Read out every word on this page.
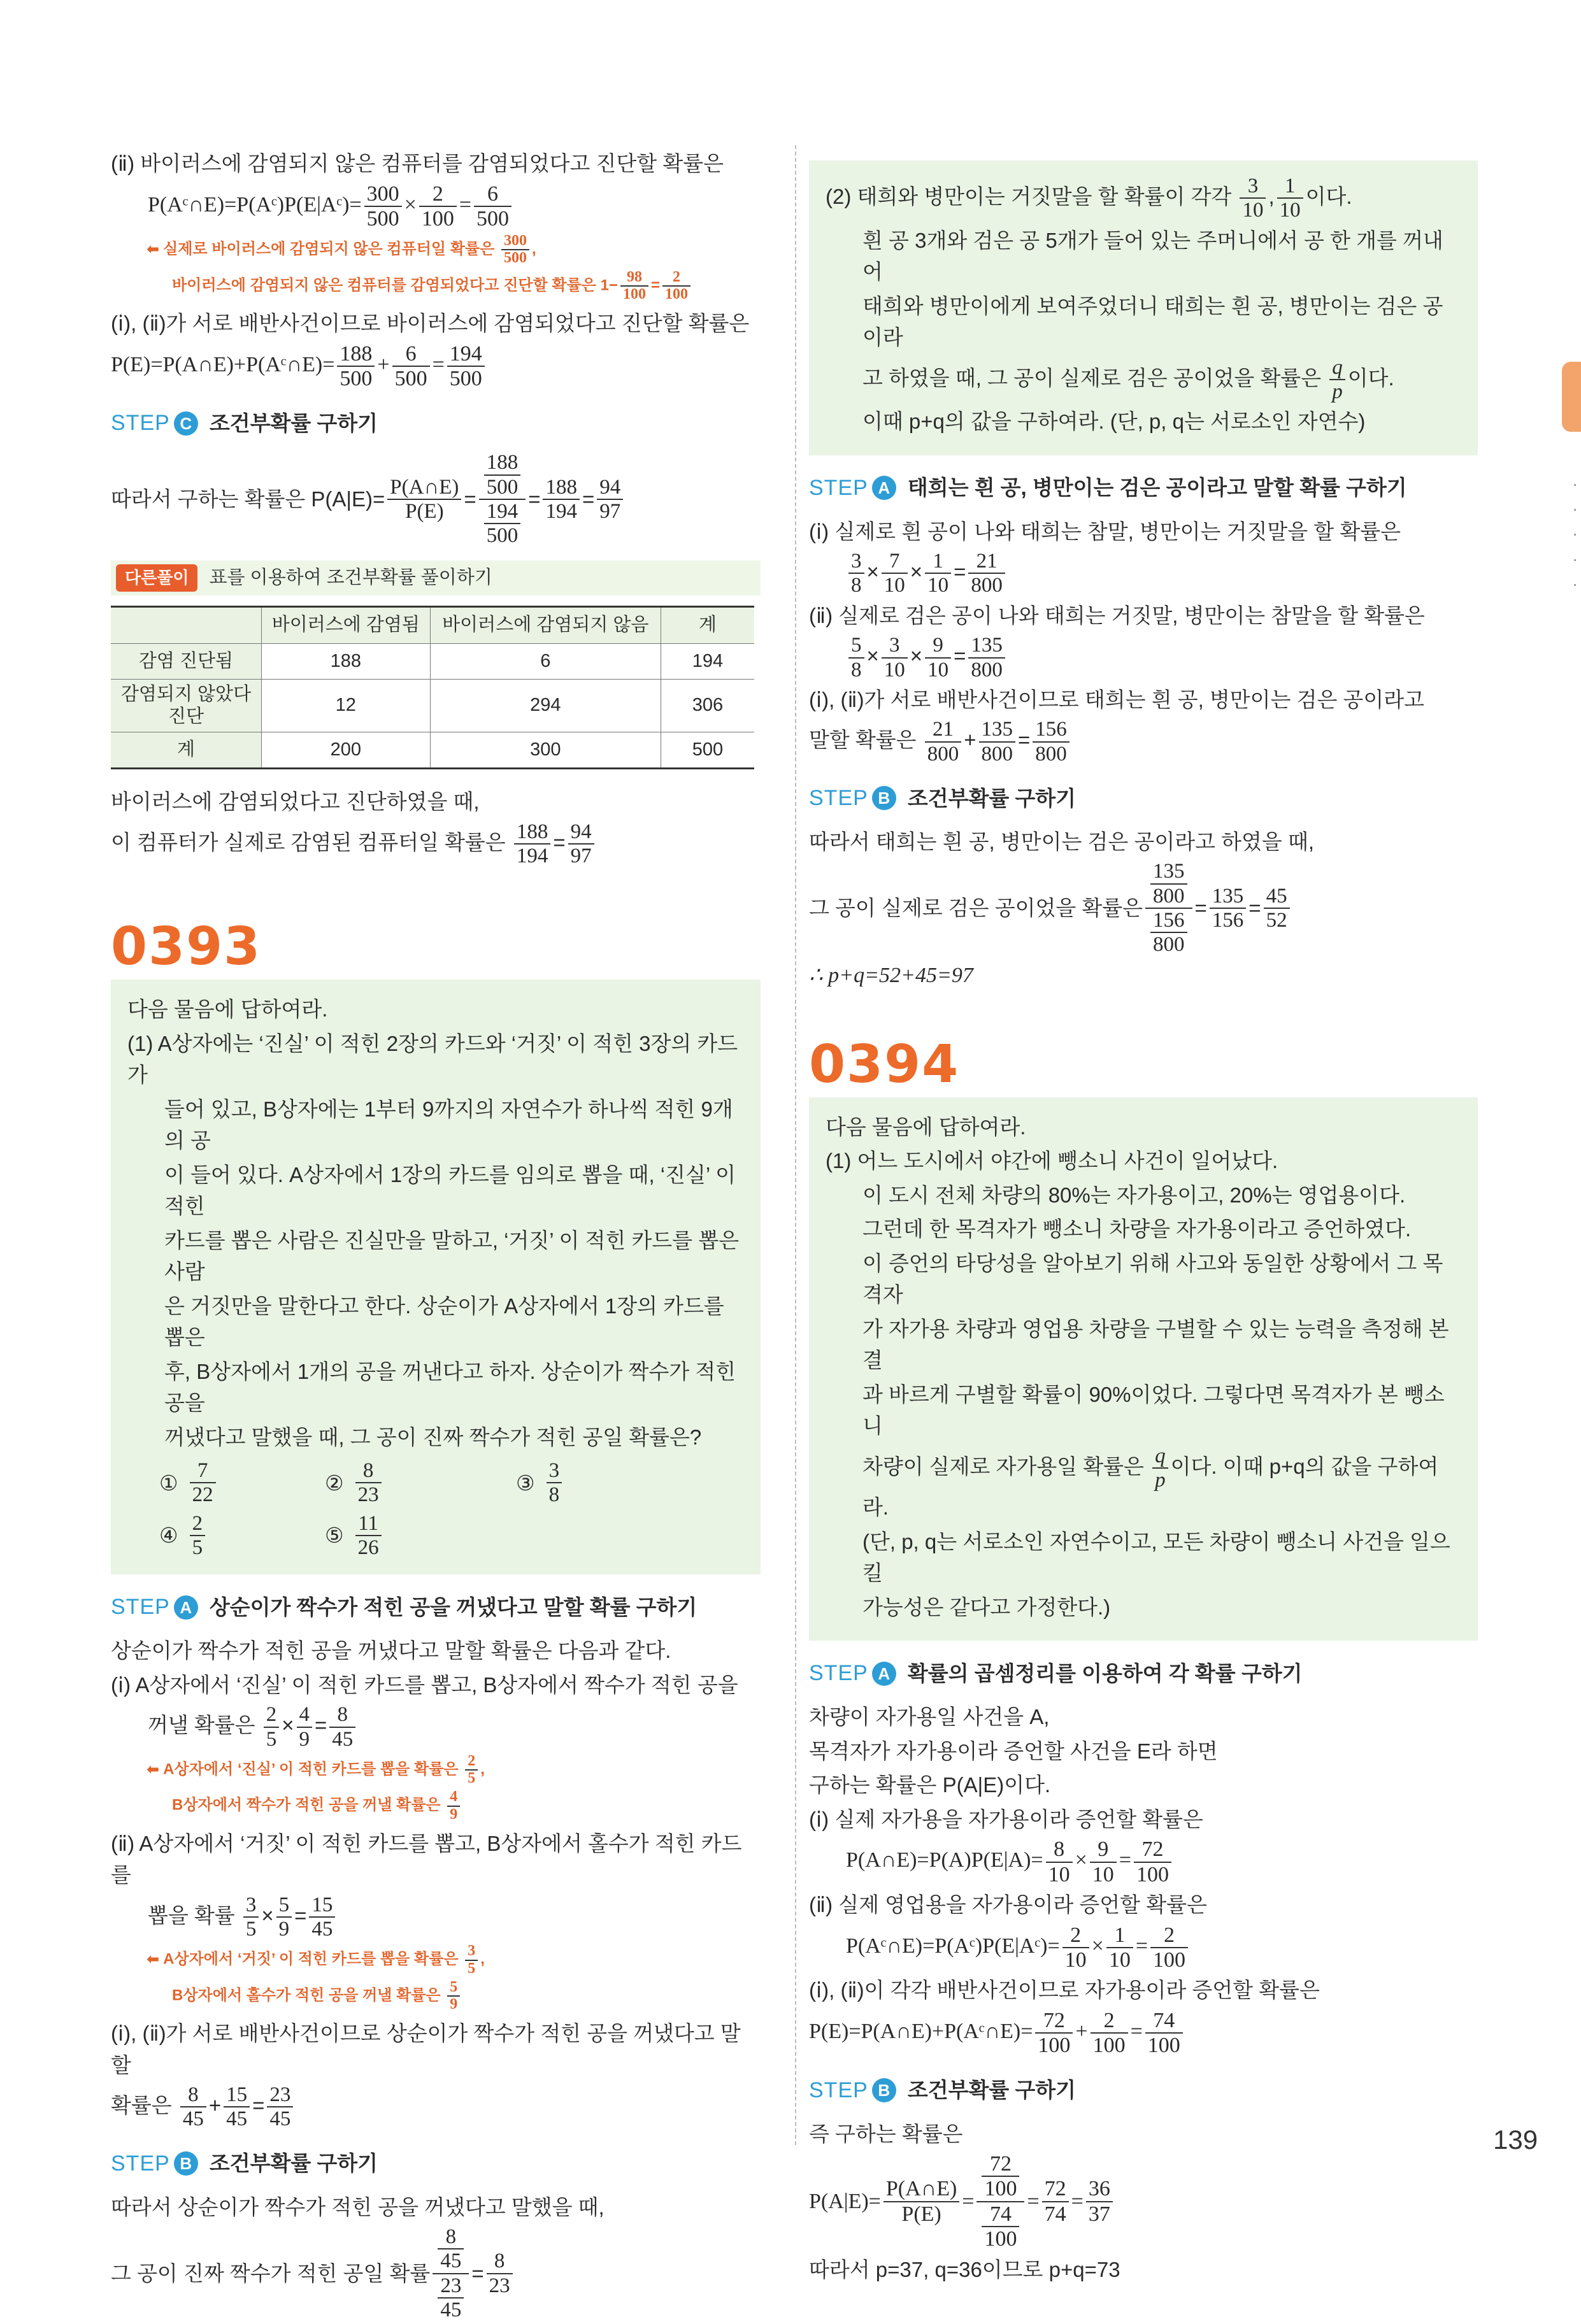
·
·
·
·
·
(ⅱ) 바이러스에 감염되지 않은 컴퓨터를 감염되었다고 진단할 확률은
P(Aᶜ∩E)=P(Aᶜ)P(E|Aᶜ)= $\frac{300}{500} \times \frac{2}{100} = \frac{6}{500}$
⬅ 실제로 바이러스에 감염되지 않은 컴퓨터일 확률은 $\frac{300}{500}$ ,
바이러스에 감염되지 않은 컴퓨터를 감염되었다고 진단할 확률은 $1- \frac{98}{100} = \frac{2}{100}$
(ⅰ), (ⅱ)가 서로 배반사건이므로 바이러스에 감염되었다고 진단할 확률은
P(E)=P(A∩E)+P(Aᶜ∩E)= $\frac{188}{500} + \frac{6}{500} = \frac{194}{500}$
STEP C 조건부확률 구하기
따라서 구하는 확률은 $P(A|E)= \frac{P(A\cap E)}{P(E)} = \frac{\frac{188}{500}}{\frac{194}{500}} = \frac{188}{194} = \frac{94}{97}$
다른풀이	표를 이용하여 조건부확률 풀이하기
	바이러스에 감염됨	바이러스에 감염되지 않음	계
감염 진단됨	188	6	194
감염되지 않았다
진단	12	294	306
계	200	300	500
바이러스에 감염되었다고 진단하였을 때,
이 컴퓨터가 실제로 감염된 컴퓨터일 확률은 $\frac{188}{194} = \frac{94}{97}$
0393
다음 물음에 답하여라.
(1) A상자에는 ‘진실’ 이 적힌 2장의 카드와 ‘거짓’ 이 적힌 3장의 카드가
들어 있고, B상자에는 1부터 9까지의 자연수가 하나씩 적힌 9개의 공
이 들어 있다. A상자에서 1장의 카드를 임의로 뽑을 때, ‘진실’ 이 적힌
카드를 뽑은 사람은 진실만을 말하고, ‘거짓’ 이 적힌 카드를 뽑은 사람
은 거짓만을 말한다고 한다. 상순이가 A상자에서 1장의 카드를 뽑은
후, B상자에서 1개의 공을 꺼낸다고 하자. 상순이가 짝수가 적힌 공을
꺼냈다고 말했을 때, 그 공이 진짜 짝수가 적힌 공일 확률은?
① $\frac{7}{22}$	② $\frac{8}{23}$	③ $\frac{3}{8}$
④ $\frac{2}{5}$	⑤ $\frac{11}{26}$
STEP A 상순이가 짝수가 적힌 공을 꺼냈다고 말할 확률 구하기
상순이가 짝수가 적힌 공을 꺼냈다고 말할 확률은 다음과 같다.
(ⅰ) A상자에서 ‘진실’ 이 적힌 카드를 뽑고, B상자에서 짝수가 적힌 공을
꺼낼 확률은 $\frac{2}{5} \times \frac{4}{9} = \frac{8}{45}$
⬅ A상자에서 ‘진실’ 이 적힌 카드를 뽑을 확률은 $\frac{2}{5}$ ,
B상자에서 짝수가 적힌 공을 꺼낼 확률은 $\frac{4}{9}$
(ⅱ) A상자에서 ‘거짓’ 이 적힌 카드를 뽑고, B상자에서 홀수가 적힌 카드를
뽑을 확률 $\frac{3}{5} \times \frac{5}{9} = \frac{15}{45}$
⬅ A상자에서 ‘거짓’ 이 적힌 카드를 뽑을 확률은 $\frac{3}{5}$ ,
B상자에서 홀수가 적힌 공을 꺼낼 확률은 $\frac{5}{9}$
(ⅰ), (ⅱ)가 서로 배반사건이므로 상순이가 짝수가 적힌 공을 꺼냈다고 말할
확률은 $\frac{8}{45} + \frac{15}{45} = \frac{23}{45}$
STEP B 조건부확률 구하기
따라서 상순이가 짝수가 적힌 공을 꺼냈다고 말했을 때,
그 공이 진짜 짝수가 적힌 공일 확률 $\frac{\frac{8}{45}}{\frac{23}{45}} = \frac{8}{23}$
(2) 태희와 병만이는 거짓말을 할 확률이 각각 $\frac{3}{10}$ , $\frac{1}{10}$ 이다.
흰 공 3개와 검은 공 5개가 들어 있는 주머니에서 공 한 개를 꺼내어
태희와 병만이에게 보여주었더니 태희는 흰 공, 병만이는 검은 공이라
고 하였을 때, 그 공이 실제로 검은 공이었을 확률은 $\frac{q}{p}$ 이다.
이때 p+q의 값을 구하여라. (단, p, q는 서로소인 자연수)
STEP A 태희는 흰 공, 병만이는 검은 공이라고 말할 확률 구하기
(ⅰ) 실제로 흰 공이 나와 태희는 참말, 병만이는 거짓말을 할 확률은
$\frac{3}{8} \times \frac{7}{10} \times \frac{1}{10} = \frac{21}{800}$
(ⅱ) 실제로 검은 공이 나와 태희는 거짓말, 병만이는 참말을 할 확률은
$\frac{5}{8} \times \frac{3}{10} \times \frac{9}{10} = \frac{135}{800}$
(ⅰ), (ⅱ)가 서로 배반사건이므로 태희는 흰 공, 병만이는 검은 공이라고
말할 확률은 $\frac{21}{800} + \frac{135}{800} = \frac{156}{800}$
STEP B 조건부확률 구하기
따라서 태희는 흰 공, 병만이는 검은 공이라고 하였을 때,
그 공이 실제로 검은 공이었을 확률은 $\frac{\frac{135}{800}}{\frac{156}{800}} = \frac{135}{156} = \frac{45}{52}$
∴ p+q=52+45=97
0394
다음 물음에 답하여라.
(1) 어느 도시에서 야간에 뺑소니 사건이 일어났다.
이 도시 전체 차량의 80%는 자가용이고, 20%는 영업용이다.
그런데 한 목격자가 뺑소니 차량을 자가용이라고 증언하였다.
이 증언의 타당성을 알아보기 위해 사고와 동일한 상황에서 그 목격자
가 자가용 차량과 영업용 차량을 구별할 수 있는 능력을 측정해 본 결
과 바르게 구별할 확률이 90%이었다. 그렇다면 목격자가 본 뺑소니
차량이 실제로 자가용일 확률은 $\frac{q}{p}$ 이다. 이때 p+q의 값을 구하여라.
(단, p, q는 서로소인 자연수이고, 모든 차량이 뺑소니 사건을 일으킬
가능성은 같다고 가정한다.)
STEP A 확률의 곱셈정리를 이용하여 각 확률 구하기
차량이 자가용일 사건을 A,
목격자가 자가용이라 증언할 사건을 E라 하면
구하는 확률은 P(A|E)이다.
(ⅰ) 실제 자가용을 자가용이라 증언할 확률은
P(A∩E)=P(A)P(E|A)= $\frac{8}{10} \times \frac{9}{10} = \frac{72}{100}$
(ⅱ) 실제 영업용을 자가용이라 증언할 확률은
P(Aᶜ∩E)=P(Aᶜ)P(E|Aᶜ)= $\frac{2}{10} \times \frac{1}{10} = \frac{2}{100}$
(ⅰ), (ⅱ)이 각각 배반사건이므로 자가용이라 증언할 확률은
P(E)=P(A∩E)+P(Aᶜ∩E)= $\frac{72}{100} + \frac{2}{100} = \frac{74}{100}$
STEP B 조건부확률 구하기
즉 구하는 확률은
$P(A|E)= \frac{P(A\cap E)}{P(E)} = \frac{\frac{72}{100}}{\frac{74}{100}} = \frac{72}{74} = \frac{36}{37}$
따라서 p=37, q=36이므로 p+q=73
139
